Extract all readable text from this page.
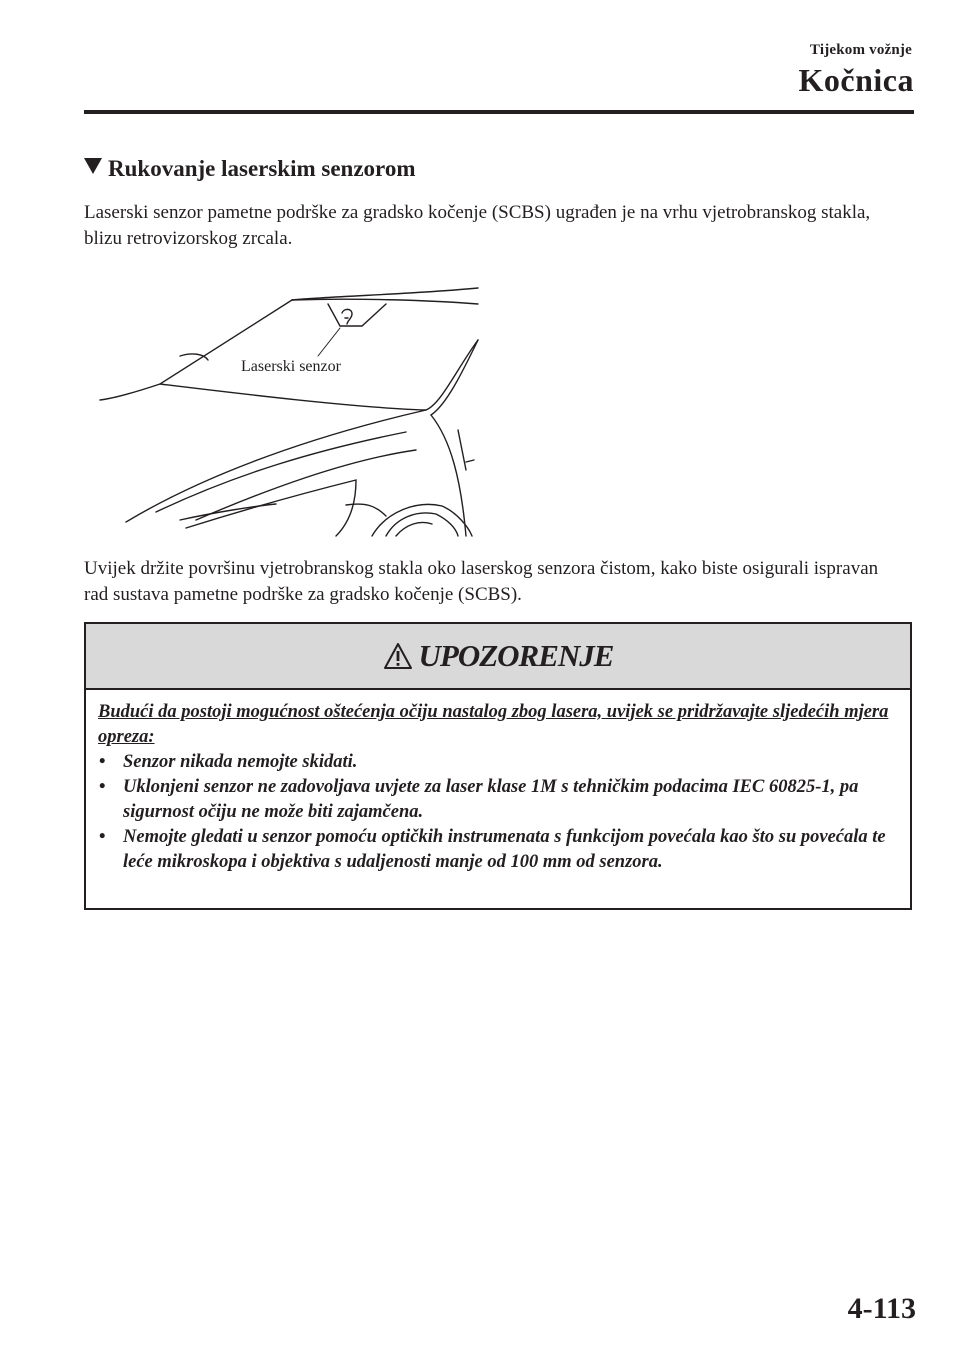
Tijekom vožnje
Kočnica
Rukovanje laserskim senzorom
Laserski senzor pametne podrške za gradsko kočenje (SCBS) ugrađen je na vrhu vjetrobranskog stakla, blizu retrovizorskog zrcala.
Laserski senzor
Uvijek držite površinu vjetrobranskog stakla oko laserskog senzora čistom, kako biste osigurali ispravan rad sustava pametne podrške za gradsko kočenje (SCBS).
UPOZORENJE
Budući da postoji mogućnost oštećenja očiju nastalog zbog lasera, uvijek se pridržavajte sljedećih mjera opreza:
• Senzor nikada nemojte skidati.
• Uklonjeni senzor ne zadovoljava uvjete za laser klase 1M s tehničkim podacima IEC 60825-1, pa sigurnost očiju ne može biti zajamčena.
• Nemojte gledati u senzor pomoću optičkih instrumenata s funkcijom povećala kao što su povećala te leće mikroskopa i objektiva s udaljenosti manje od 100 mm od senzora.
4-113
